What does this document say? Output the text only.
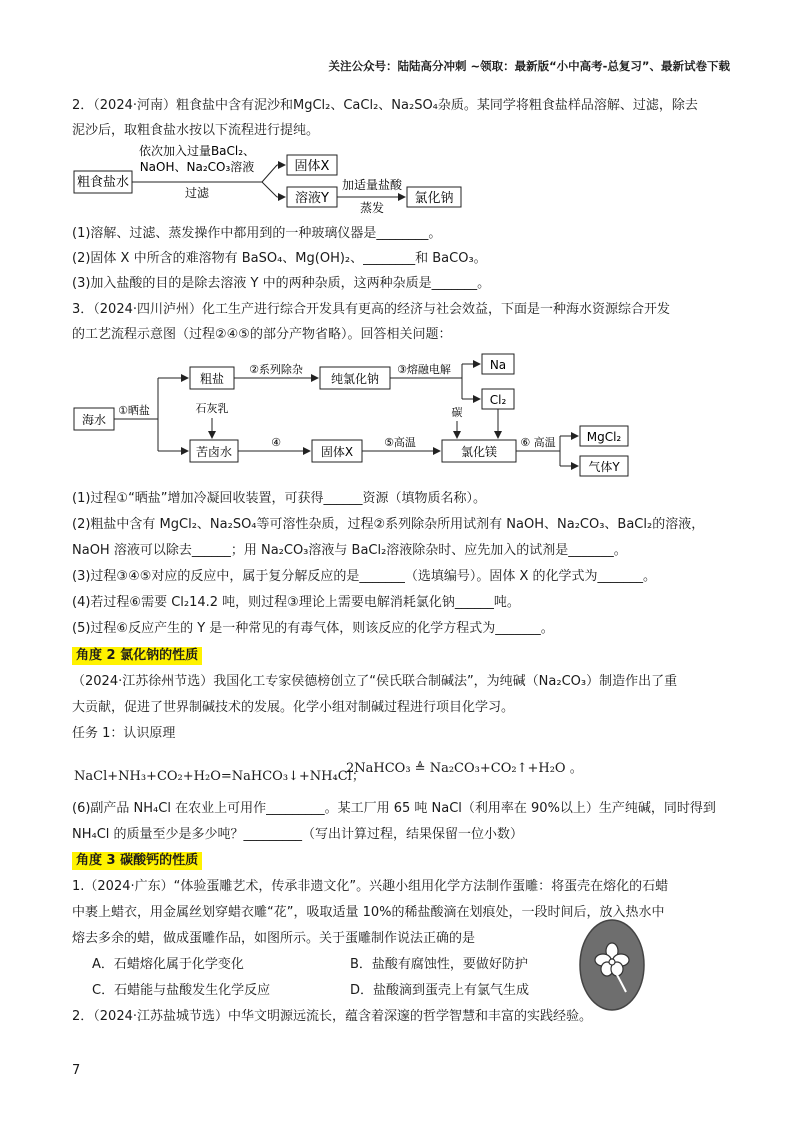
关注公众号：陆陆高分冲刺 ~领取：最新版“小中高考-总复习”、最新试卷下载
2．（2024·河南）粗食盐中含有泥沙和MgCl₂、CaCl₂、Na₂SO₄杂质。某同学将粗食盐样品溶解、过滤，除去
泥沙后，取粗食盐水按以下流程进行提纯。
粗食盐水
依次加入过量BaCl₂、
NaOH、Na₂CO₃溶液
过滤
固体X
溶液Y
加适量盐酸
蒸发
氯化钠
(1)溶解、过滤、蒸发操作中都用到的一种玻璃仪器是________。
(2)固体 X 中所含的难溶物有 BaSO₄、Mg(OH)₂、________和 BaCO₃。
(3)加入盐酸的目的是除去溶液 Y 中的两种杂质，这两种杂质是_______。
3．（2024·四川泸州）化工生产进行综合开发具有更高的经济与社会效益，下面是一种海水资源综合开发
的工艺流程示意图（过程②④⑤的部分产物省略）。回答相关问题：
海水
①晒盐
粗盐
②系列除杂
纯氯化钠
③熔融电解	Na
Cl₂
石灰乳
苦卤水
④
固体X
⑤高温
碳
氯化镁
⑥ 高温	MgCl₂
气体Y
(1)过程①“晒盐”增加冷凝回收装置，可获得______资源（填物质名称）。
(2)粗盐中含有 MgCl₂、Na₂SO₄等可溶性杂质，过程②系列除杂所用试剂有 NaOH、Na₂CO₃、BaCl₂的溶液，
NaOH 溶液可以除去______；用 Na₂CO₃溶液与 BaCl₂溶液除杂时、应先加入的试剂是_______。
(3)过程③④⑤对应的反应中，属于复分解反应的是_______（选填编号）。固体 X 的化学式为_______。
(4)若过程⑥需要 Cl₂14.2 吨，则过程③理论上需要电解消耗氯化钠______吨。
(5)过程⑥反应产生的 Y 是一种常见的有毒气体，则该反应的化学方程式为_______。
角度 2 氯化钠的性质
（2024·江苏徐州节选）我国化工专家侯德榜创立了“侯氏联合制碱法”，为纯碱（Na₂CO₃）制造作出了重
大贡献，促进了世界制碱技术的发展。化学小组对制碱过程进行项目化学习。
任务 1：认识原理
NaCl+NH₃+CO₂+H₂O=NaHCO₃↓+NH₄Cl；
2NaHCO₃ ≜ Na₂CO₃+CO₂↑+H₂O 。
(6)副产品 NH₄Cl 在农业上可用作_________。某工厂用 65 吨 NaCl（利用率在 90%以上）生产纯碱，同时得到
NH₄Cl 的质量至少是多少吨？_________（写出计算过程，结果保留一位小数）
角度 3 碳酸钙的性质
1.（2024·广东）“体验蛋雕艺术，传承非遗文化”。兴趣小组用化学方法制作蛋雕：将蛋壳在熔化的石蜡
中裹上蜡衣，用金属丝划穿蜡衣雕“花”，吸取适量 10%的稀盐酸滴在划痕处，一段时间后，放入热水中
熔去多余的蜡，做成蛋雕作品，如图所示。关于蛋雕制作说法正确的是
A．石蜡熔化属于化学变化	B．盐酸有腐蚀性，要做好防护
C．石蜡能与盐酸发生化学反应	D．盐酸滴到蛋壳上有氯气生成
2．（2024·江苏盐城节选）中华文明源远流长，蕴含着深邃的哲学智慧和丰富的实践经验。
7
